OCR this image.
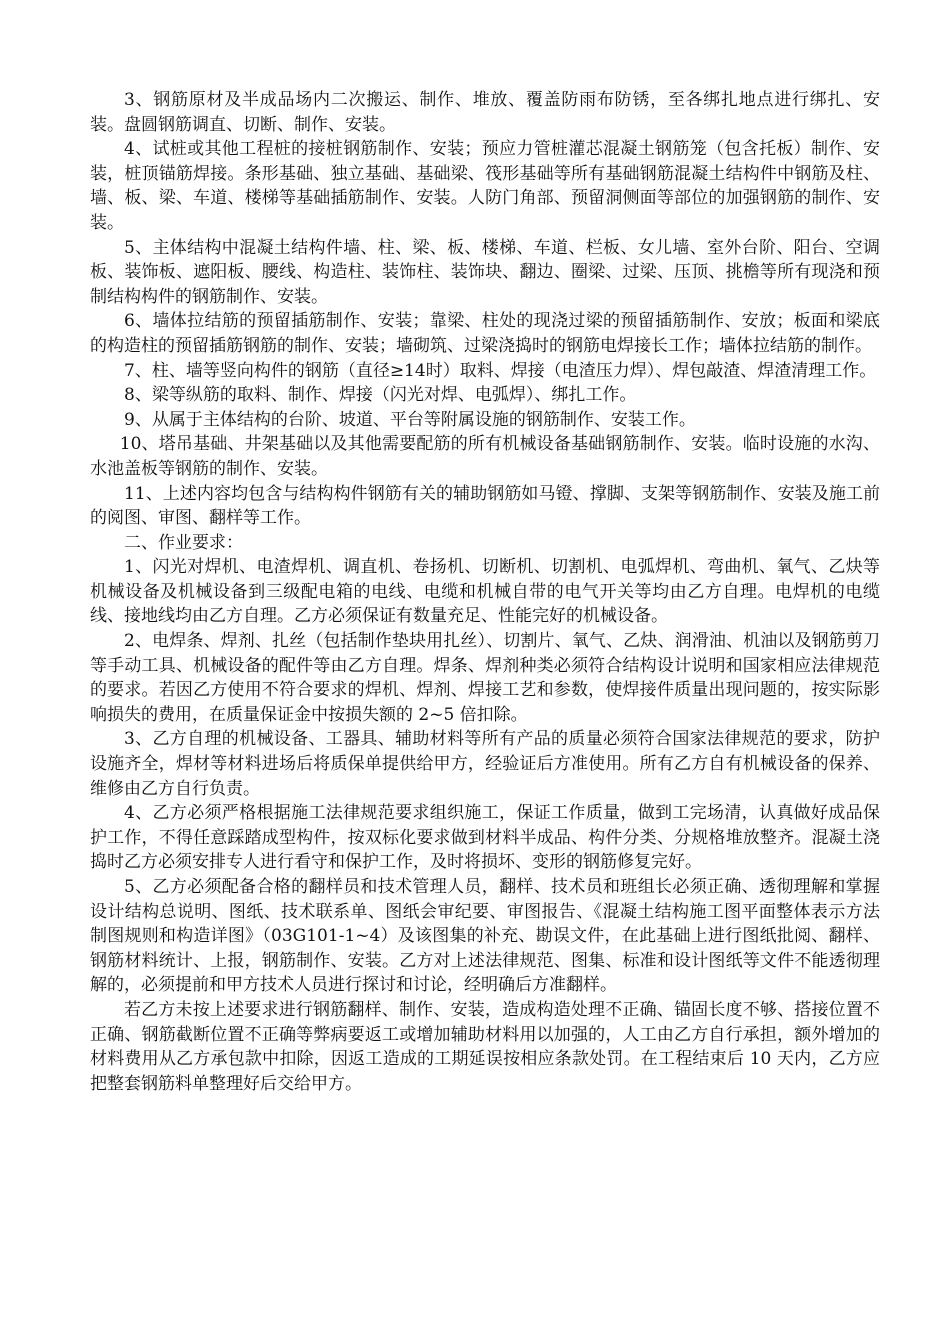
3、钢筋原材及半成品场内二次搬运、制作、堆放、覆盖防雨布防锈，至各绑扎地点进行绑扎、安装。盘圆钢筋调直、切断、制作、安装。

4、试桩或其他工程桩的接桩钢筋制作、安装；预应力管桩灌芯混凝土钢筋笼（包含托板）制作、安装，桩顶锚筋焊接。条形基础、独立基础、基础梁、筏形基础等所有基础钢筋混凝土结构件中钢筋及柱、墙、板、梁、车道、楼梯等基础插筋制作、安装。人防门角部、预留洞侧面等部位的加强钢筋的制作、安装。

5、主体结构中混凝土结构件墙、柱、梁、板、楼梯、车道、栏板、女儿墙、室外台阶、阳台、空调板、装饰板、遮阳板、腰线、构造柱、装饰柱、装饰块、翻边、圈梁、过梁、压顶、挑檐等所有现浇和预制结构构件的钢筋制作、安装。

6、墙体拉结筋的预留插筋制作、安装；靠梁、柱处的现浇过梁的预留插筋制作、安放；板面和梁底的构造柱的预留插筋钢筋的制作、安装；墙砌筑、过梁浇捣时的钢筋电焊接长工作；墙体拉结筋的制作。

7、柱、墙等竖向构件的钢筋（直径≥14时）取料、焊接（电渣压力焊）、焊包敲渣、焊渣清理工作。

8、梁等纵筋的取料、制作、焊接（闪光对焊、电弧焊）、绑扎工作。

9、从属于主体结构的台阶、坡道、平台等附属设施的钢筋制作、安装工作。

10、塔吊基础、井架基础以及其他需要配筋的所有机械设备基础钢筋制作、安装。临时设施的水沟、水池盖板等钢筋的制作、安装。

11、上述内容均包含与结构构件钢筋有关的辅助钢筋如马镫、撑脚、支架等钢筋制作、安装及施工前的阅图、审图、翻样等工作。

二、作业要求：

1、闪光对焊机、电渣焊机、调直机、卷扬机、切断机、切割机、电弧焊机、弯曲机、氧气、乙炔等机械设备及机械设备到三级配电箱的电线、电缆和机械自带的电气开关等均由乙方自理。电焊机的电缆线、接地线均由乙方自理。乙方必须保证有数量充足、性能完好的机械设备。

2、电焊条、焊剂、扎丝（包括制作垫块用扎丝）、切割片、氧气、乙炔、润滑油、机油以及钢筋剪刀等手动工具、机械设备的配件等由乙方自理。焊条、焊剂种类必须符合结构设计说明和国家相应法律规范的要求。若因乙方使用不符合要求的焊机、焊剂、焊接工艺和参数，使焊接件质量出现问题的，按实际影响损失的费用，在质量保证金中按损失额的 2~5 倍扣除。

3、乙方自理的机械设备、工器具、辅助材料等所有产品的质量必须符合国家法律规范的要求，防护设施齐全，焊材等材料进场后将质保单提供给甲方，经验证后方准使用。所有乙方自有机械设备的保养、维修由乙方自行负责。

4、乙方必须严格根据施工法律规范要求组织施工，保证工作质量，做到工完场清，认真做好成品保护工作，不得任意踩踏成型构件，按双标化要求做到材料半成品、构件分类、分规格堆放整齐。混凝土浇捣时乙方必须安排专人进行看守和保护工作，及时将损坏、变形的钢筋修复完好。

5、乙方必须配备合格的翻样员和技术管理人员，翻样、技术员和班组长必须正确、透彻理解和掌握设计结构总说明、图纸、技术联系单、图纸会审纪要、审图报告、《混凝土结构施工图平面整体表示方法制图规则和构造详图》（03G101-1~4）及该图集的补充、勘误文件，在此基础上进行图纸批阅、翻样、钢筋材料统计、上报，钢筋制作、安装。乙方对上述法律规范、图集、标准和设计图纸等文件不能透彻理解的，必须提前和甲方技术人员进行探讨和讨论，经明确后方准翻样。

若乙方未按上述要求进行钢筋翻样、制作、安装，造成构造处理不正确、锚固长度不够、搭接位置不正确、钢筋截断位置不正确等弊病要返工或增加辅助材料用以加强的，人工由乙方自行承担，额外增加的材料费用从乙方承包款中扣除，因返工造成的工期延误按相应条款处罚。在工程结束后 10 天内，乙方应把整套钢筋料单整理好后交给甲方。
